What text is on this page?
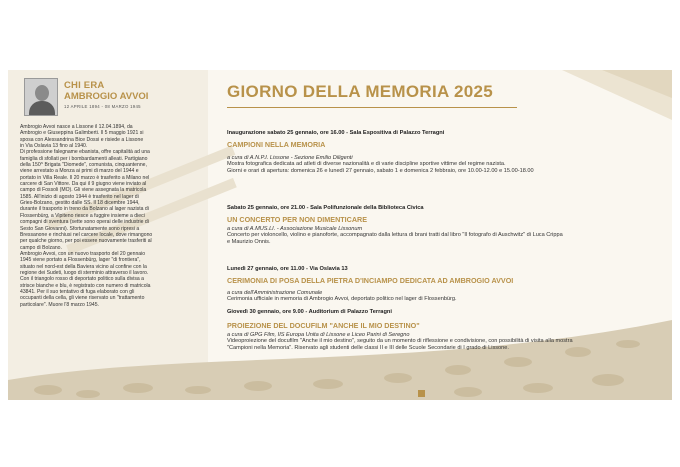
CHI ERA
AMBROGIO AVVOI
12 APRILE 1894 - 08 MARZO 1945

Ambrogio Avvoi nasce a Lissone il 12.04.1894, da

Ambrogio e Giuseppina Galimberti. Il 5 maggio 1921 si

sposa con Alessandrina Bice Dossi e risiede a Lissone

in Via Oslavia 13 fino al 1940.

Di professione falegname ebanista, offre capitalità ad una

famiglia di sfollati per i bombardamenti alleati. Partigiano

della 150^ Brigata "Diomede", comunista, cinquantenne,

viene arrestato a Monza ai primi di marzo del 1944 e

portato in Villa Reale. Il 20 marzo è trasferito a Milano nel

carcere di San Vittore. Da qui il 9 giugno viene inviato al

campo di Fossoli (MO). Gli viene assegnata la matricola

1585. All'inizio di agosto 1944 è trasferito nel lager di

Gries-Bolzano, gestito dalle SS. Il 18 dicembre 1944,

durante il trasporto in treno da Bolzano al lager nazista di

Flossenbürg, a Vipiteno riesce a fuggire insieme a dieci

compagni di sventura (sette sono operai delle industrie di

Sesto San Giovanni). Sfortunatamente sono ripresi a

Bressanone e rinchiusi nel carcere locale, dove rimangono

per qualche giorno, per poi essere nuovamente trasferiti al

campo di Bolzano.

Ambrogio Avvoi, con un nuovo trasporto del 20 gennaio

1945 viene portato a Flossenbürg, lager "di frontiera",

situato nel nord-est della Baviera vicino al confine con la

regione dei Sudeti, luogo di sterminio attraverso il lavoro.

Con il triangolo rosso di deportato politico sulla divisa a

strisce bianche e blu, è registrato con numero di matricola

43841. Per il suo tentativo di fuga elaborato con gli

occupanti della cella, gli viene riservato un "trattamento

particolare". Muore l'8 marzo 1945.

GIORNO DELLA MEMORIA 2025
Inaugurazione sabato 25 gennaio, ore 16.00 - Sala Espositiva di Palazzo Terragni
CAMPIONI NELLA MEMORIA
a cura di A.N.P.I. Lissone - Sezione Emilio Diligenti
Mostra fotografica dedicata ad atleti di diverse nazionalità e di varie discipline sportive vittime del regime nazista.
Giorni e orari di apertura: domenica 26 e lunedì 27 gennaio, sabato 1 e domenica 2 febbraio, ore 10.00-12.00 e 15.00-18.00
Sabato 25 gennaio, ore 21.00 - Sala Polifunzionale della Biblioteca Civica
UN CONCERTO PER NON DIMENTICARE
a cura di A.MUS.LI. - Associazione Musicale Lissonum
Concerto per violoncello, violino e pianoforte, accompagnato dalla lettura di brani tratti dal libro "Il fotografo di Auschwitz" di Luca Crippa
e Maurizio Onnis.
Lunedì 27 gennaio, ore 11.00 - Via Oslavia 13
CERIMONIA DI POSA DELLA PIETRA D'INCIAMPO DEDICATA AD AMBROGIO AVVOI
a cura dell'Amministrazione Comunale
Cerimonia ufficiale in memoria di Ambrogio Avvoi, deportato politico nel lager di Flossenbürg.
Giovedì 30 gennaio, ore 9.00 - Auditorium di Palazzo Terragni
PROIEZIONE DEL DOCUFILM "ANCHE IL MIO DESTINO"
a cura di GPG Film, IIS Europa Unita di Lissone e Liceo Parini di Seregno
Videoproiezione del docufilm "Anche il mio destino", seguito da un momento di riflessione e condivisione, con possibilità di visita alla mostra
"Campioni nella Memoria". Riservato agli studenti delle classi II e III delle Scuole Secondarie di I grado di Lissone.
